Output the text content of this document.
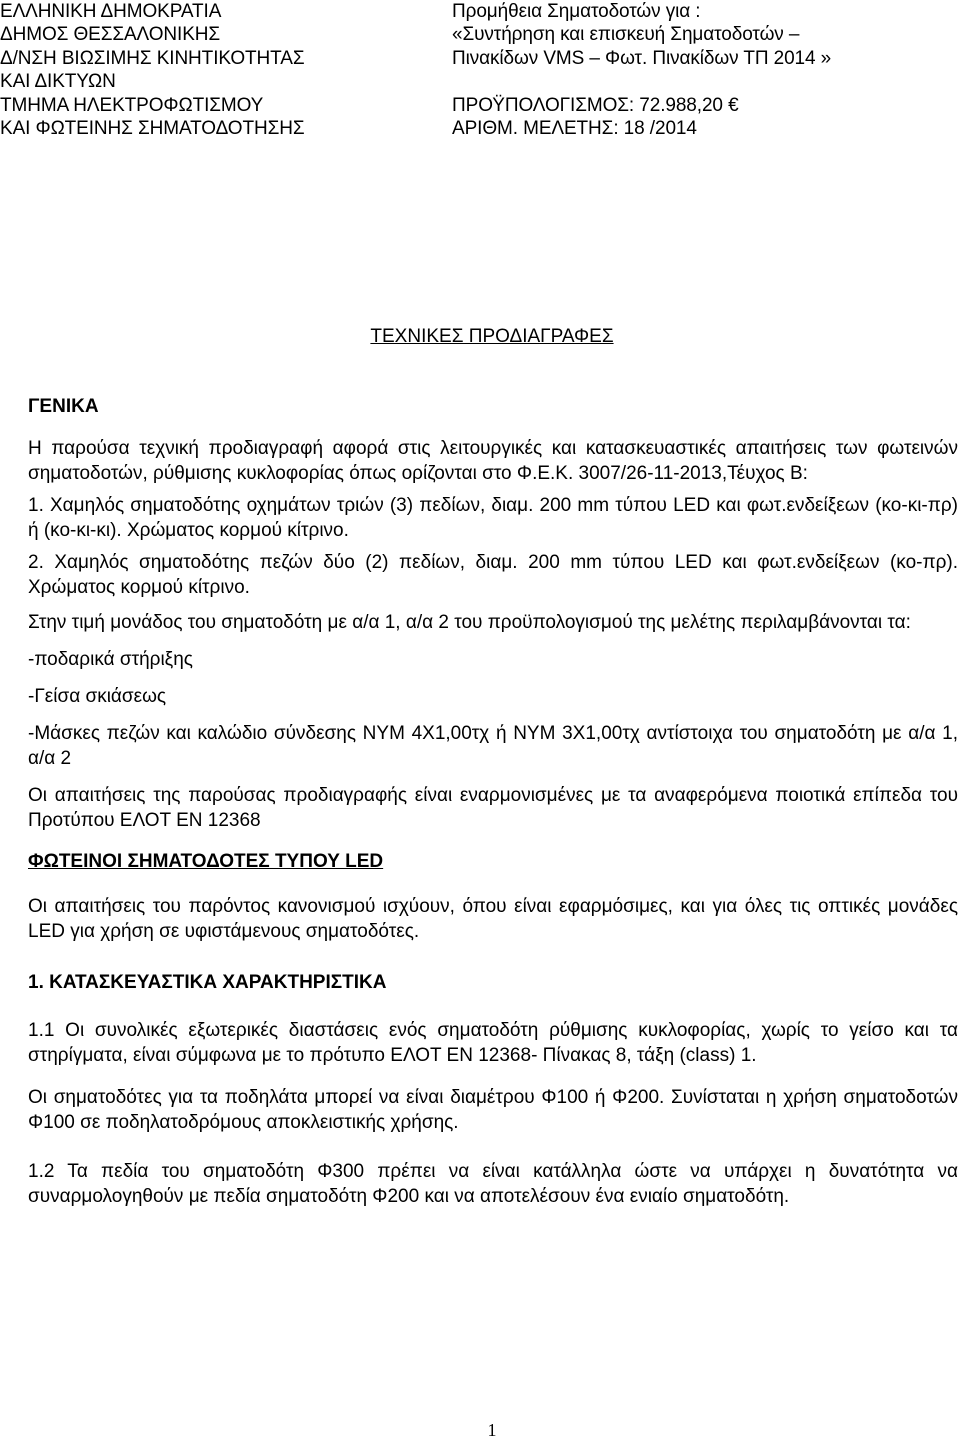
ΕΛΛΗΝΙΚΗ ΔΗΜΟΚΡΑΤΙΑ
ΔΗΜΟΣ ΘΕΣΣΑΛΟΝΙΚΗΣ
Δ/ΝΣΗ ΒΙΩΣΙΜΗΣ ΚΙΝΗΤΙΚΟΤΗΤΑΣ
ΚΑΙ ΔΙΚΤΥΩΝ
ΤΜΗΜΑ ΗΛΕΚΤΡΟΦΩΤΙΣΜΟΥ
ΚΑΙ ΦΩΤΕΙΝΗΣ ΣΗΜΑΤΟΔΟΤΗΣΗΣ
Προμήθεια Σηματοδοτών για :
«Συντήρηση και επισκευή Σηματοδοτών –
Πινακίδων VMS – Φωτ. Πινακίδων ΤΠ 2014 »

ΠΡΟΫΠΟΛΟΓΙΣΜΟΣ: 72.988,20 €
ΑΡΙΘΜ. ΜΕΛΕΤΗΣ: 18 /2014
ΤΕΧΝΙΚΕΣ ΠΡΟΔΙΑΓΡΑΦΕΣ
ΓΕΝΙΚΑ

Η παρούσα τεχνική προδιαγραφή αφορά στις λειτουργικές και κατασκευαστικές απαιτήσεις των φωτεινών σηματοδοτών, ρύθμισης κυκλοφορίας όπως ορίζονται στο Φ.Ε.Κ. 3007/26-11-2013,Τέυχος Β:

1. Χαμηλός σηματοδότης οχημάτων τριών (3) πεδίων, διαμ. 200 mm τύπου LED και φωτ.ενδείξεων (κο-κι-πρ) ή (κο-κι-κι). Χρώματος κορμού κίτρινο.

2. Χαμηλός σηματοδότης πεζών δύο (2) πεδίων, διαμ. 200 mm τύπου LED και φωτ.ενδείξεων (κο-πρ). Χρώματος κορμού κίτρινο.

Στην τιμή μονάδος του σηματοδότη με α/α 1, α/α 2 του προϋπολογισμού της μελέτης περιλαμβάνονται τα:

-ποδαρικά στήριξης

-Γείσα σκιάσεως

-Μάσκες πεζών και καλώδιο σύνδεσης NYM 4Χ1,00τχ ή NYM 3Χ1,00τχ αντίστοιχα του σηματοδότη με α/α 1, α/α 2

Οι απαιτήσεις της παρούσας προδιαγραφής είναι εναρμονισμένες με τα αναφερόμενα ποιοτικά επίπεδα του Προτύπου ΕΛΟΤ ΕΝ 12368

ΦΩΤΕΙΝΟΙ ΣΗΜΑΤΟΔΟΤΕΣ ΤΥΠΟΥ LED

Οι απαιτήσεις του παρόντος κανονισμού ισχύουν, όπου είναι εφαρμόσιμες, και για όλες τις οπτικές μονάδες LED για χρήση σε υφιστάμενους σηματοδότες.

1. ΚΑΤΑΣΚΕΥΑΣΤΙΚΑ ΧΑΡΑΚΤΗΡΙΣΤΙΚΑ

1.1 Οι συνολικές εξωτερικές διαστάσεις ενός σηματοδότη ρύθμισης κυκλοφορίας, χωρίς το γείσο και τα στηρίγματα, είναι σύμφωνα με το πρότυπο ΕΛΟΤ ΕΝ 12368- Πίνακας 8, τάξη (class) 1.

Οι σηματοδότες για τα ποδηλάτα μπορεί να είναι διαμέτρου Φ100 ή Φ200. Συνίσταται η χρήση σηματοδοτών Φ100 σε ποδηλατοδρόμους αποκλειστικής χρήσης.

1.2 Τα πεδία του σηματοδότη Φ300 πρέπει να είναι κατάλληλα ώστε να υπάρχει η δυνατότητα να συναρμολογηθούν με πεδία σηματοδότη Φ200 και να αποτελέσουν ένα ενιαίο σηματοδότη.

1
